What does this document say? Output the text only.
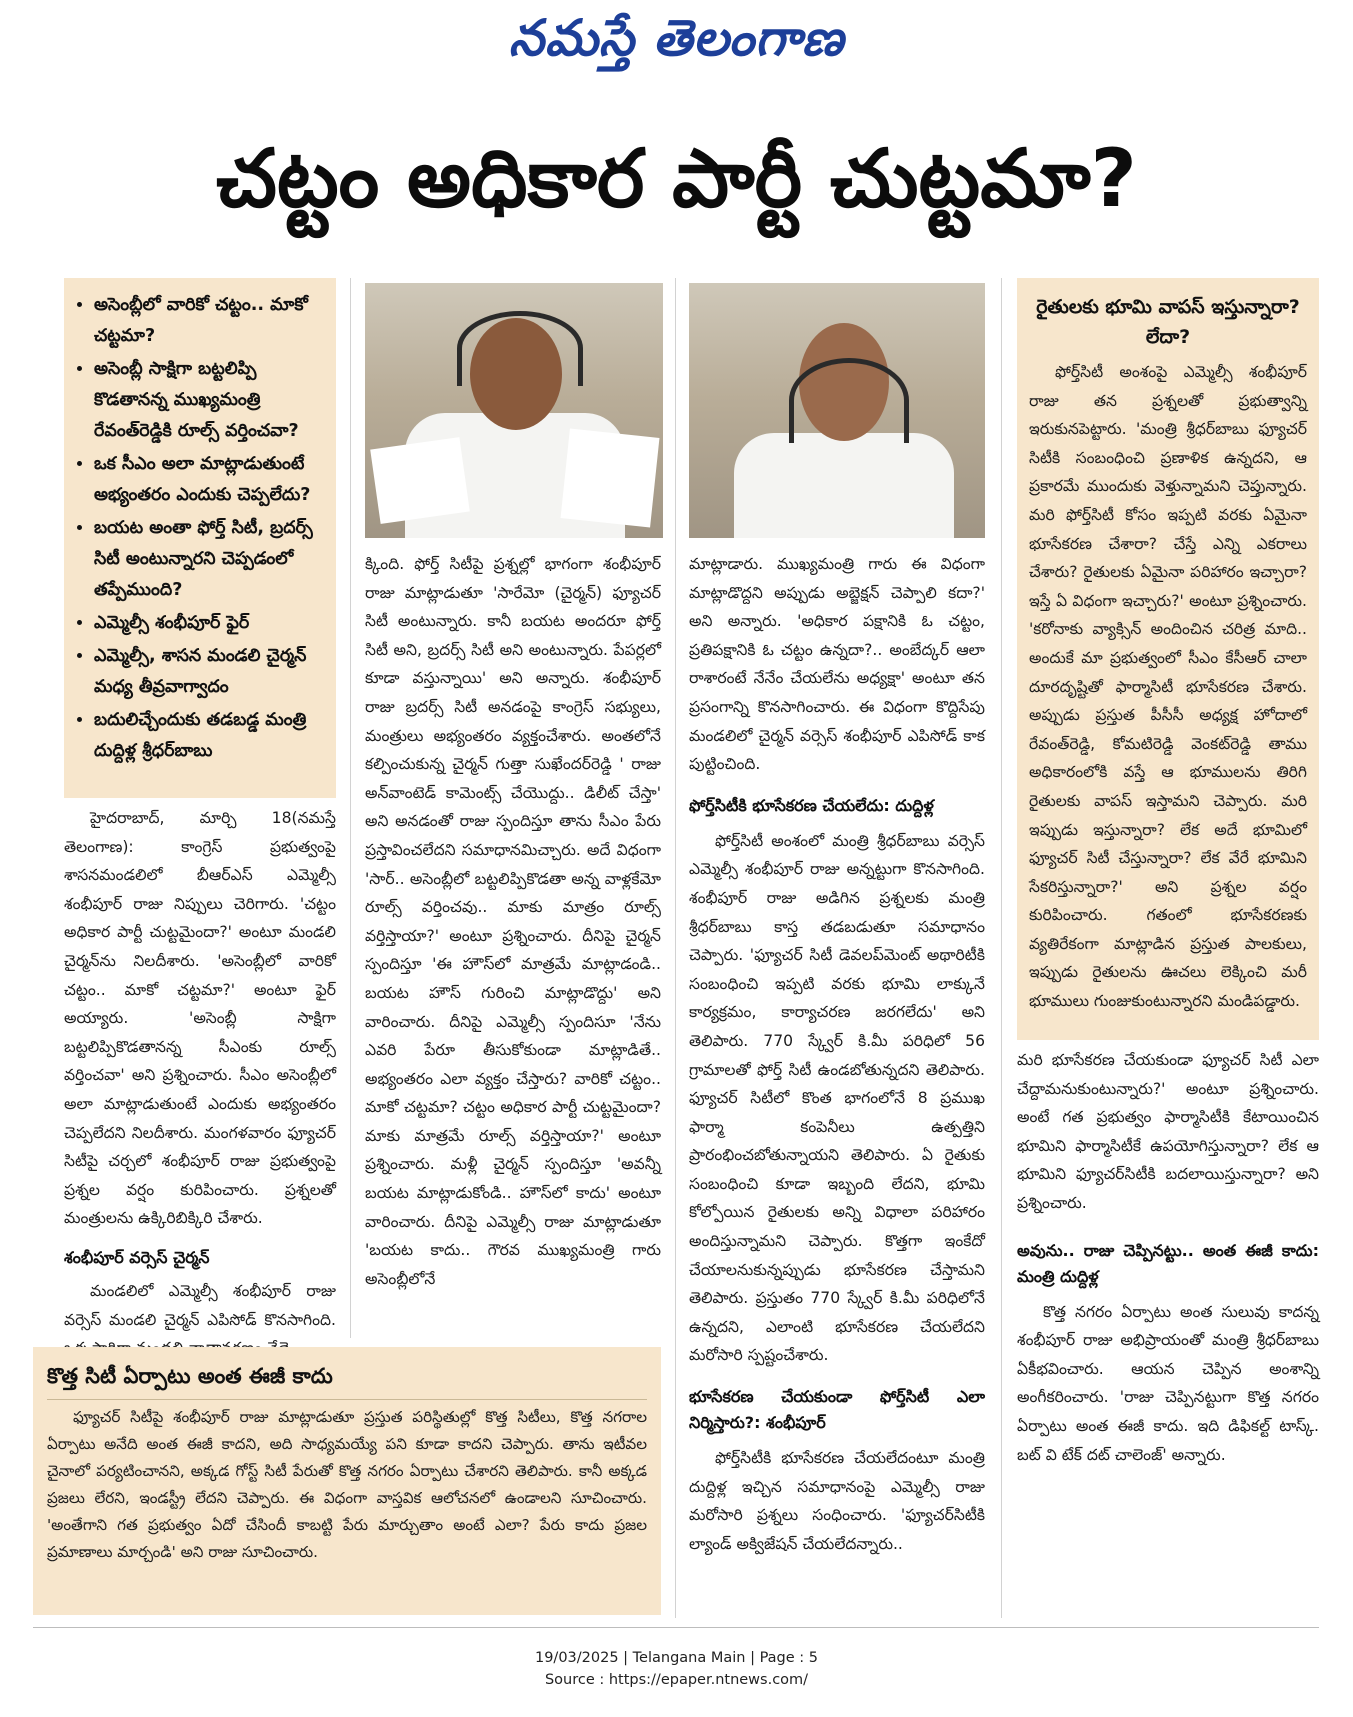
నమస్తే తెలంగాణ
చట్టం అధికార పార్టీ చుట్టమా?
• అసెంబ్లీలో వారికో చట్టం.. మాకో చట్టమా?
• అసెంబ్లీ సాక్షిగా బట్టలిప్పి కొడతానన్న ముఖ్యమంత్రి రేవంత్‌రెడ్డికి రూల్స్ వర్తించవా?
• ఒక సీఎం అలా మాట్లాడుతుంటే అభ్యంతరం ఎందుకు చెప్పలేదు?
• బయట అంతా ఫోర్త్ సిటీ, బ్రదర్స్ సిటీ అంటున్నారని చెప్పడంలో తప్పేముంది?
• ఎమ్మెల్సీ శంభీపూర్ ఫైర్
• ఎమ్మెల్సీ, శాసన మండలి చైర్మన్ మధ్య తీవ్రవాగ్వాదం
• బదులిచ్చేందుకు తడబడ్డ మంత్రి దుద్దిళ్ల శ్రీధర్‌బాబు

హైదరాబాద్, మార్చి 18(నమస్తే తెలంగాణ): కాంగ్రెస్ ప్రభుత్వంపై శాసనమండలిలో బీఆర్ఎస్ ఎమ్మెల్సీ శంభీపూర్ రాజు నిప్పులు చెరిగారు. 'చట్టం అధికార పార్టీ చుట్టమైందా?' అంటూ మండలి చైర్మన్‌ను నిలదీశారు. 'అసెంబ్లీలో వారికో చట్టం.. మాకో చట్టమా?' అంటూ ఫైర్ అయ్యారు. 'అసెంబ్లీ సాక్షిగా బట్టలిప్పికొడతానన్న సీఎంకు రూల్స్ వర్తించవా' అని ప్రశ్నించారు. సీఎం అసెంబ్లీలో అలా మాట్లాడుతుంటే ఎందుకు అభ్యంతరం చెప్పలేదని నిలదీశారు. మంగళవారం ఫ్యూచర్ సిటీపై చర్చలో శంభీపూర్ రాజు ప్రభుత్వంపై ప్రశ్నల వర్షం కురిపించారు. ప్రశ్నలతో మంత్రులను ఉక్కిరిబిక్కిరి చేశారు.

శంభీపూర్ వర్సెస్ చైర్మన్

మండలిలో ఎమ్మెల్సీ శంభీపూర్ రాజు వర్సెస్ మండలి చైర్మన్ ఎపిసోడ్ కొనసాగింది.

క్కింది. ఫోర్త్ సిటీపై ప్రశ్నల్లో భాగంగా శంభీపూర్ రాజు మాట్లాడుతూ 'సారేమో (చైర్మన్) ఫ్యూచర్ సిటీ అంటున్నారు. కానీ బయట అందరూ ఫోర్త్ సిటీ అని, బ్రదర్స్ సిటీ అని అంటున్నారు. పేపర్లలో కూడా వస్తున్నాయి' అని అన్నారు. శంభీపూర్ రాజు బ్రదర్స్ సిటీ అనడంపై కాంగ్రెస్ సభ్యులు, మంత్రులు అభ్యంతరం వ్యక్తంచేశారు. అంతలోనే కల్పించుకున్న చైర్మన్ గుత్తా సుఖేందర్‌రెడ్డి ' రాజు అన్‌వాంటెడ్ కామెంట్స్ చేయొద్దు.. డిలీట్ చేస్తా' అని అనడంతో రాజు స్పందిస్తూ తాను సీఎం పేరు ప్రస్తావించలేదని సమాధానమిచ్చారు. అదే విధంగా 'సార్.. అసెంబ్లీలో బట్టలిప్పికొడతా అన్న వాళ్లకేమో రూల్స్ వర్తించవు.. మాకు మాత్రం రూల్స్ వర్తిస్తాయా?' అంటూ ప్రశ్నించారు. దీనిపై చైర్మన్ స్పందిస్తూ 'ఈ హౌస్‌లో మాత్రమే మాట్లాడండి.. బయట హౌస్ గురించి మాట్లాడొద్దు' అని వారించారు. దీనిపై ఎమ్మెల్సీ స్పందిసూ 'నేను ఎవరి పేరూ తీసుకోకుండా మాట్లాడితే.. అభ్యంతరం ఎలా వ్యక్తం చేస్తారు? వారికో చట్టం.. మాకో చట్టమా? చట్టం అధికార పార్టీ చుట్టమైందా? మాకు మాత్రమే రూల్స్ వర్తిస్తాయా?' అంటూ ప్రశ్నించారు. మళ్లీ చైర్మన్ స్పందిస్తూ 'అవన్నీ బయట మాట్లాడుకోండి.. హౌస్‌లో కాదు' అంటూ వారించారు. దీనిపై ఎమ్మెల్సీ రాజు మాట్లాడుతూ 'బయట కాదు.. గౌరవ ముఖ్యమంత్రి గారు అసెంబ్లీలోనే

మాట్లాడారు. ముఖ్యమంత్రి గారు ఈ విధంగా మాట్లాడొద్దని అప్పుడు అబ్జెక్షన్ చెప్పాలి కదా?' అని అన్నారు. 'అధికార పక్షానికి ఓ చట్టం, ప్రతిపక్షానికి ఓ చట్టం ఉన్నదా?.. అంబేద్కర్ ఆలా రాశారంటే నేనేం చేయలేను అధ్యక్షా' అంటూ తన ప్రసంగాన్ని కొనసాగించారు. ఈ విధంగా కొద్దిసేపు మండలిలో చైర్మన్ వర్సెస్ శంభీపూర్ ఎపిసోడ్ కాక పుట్టించింది.

ఫోర్త్‌సిటీకి భూసేకరణ చేయలేదు: దుద్దిళ్ల

ఫోర్త్‌సిటీ అంశంలో మంత్రి శ్రీధర్‌బాబు వర్సెస్ ఎమ్మెల్సీ శంభీపూర్ రాజు అన్నట్టుగా కొనసాగింది. శంభీపూర్ రాజు అడిగిన ప్రశ్నలకు మంత్రి శ్రీధర్‌బాబు కాస్త తడబడుతూ సమాధానం చెప్పారు. 'ఫ్యూచర్ సిటీ డెవలప్‌మెంట్ అథారిటీకి సంబంధించి ఇప్పటి వరకు భూమి లాక్కునే కార్యక్రమం, కార్యాచరణ జరగలేదు' అని తెలిపారు. 770 స్క్వేర్ కి.మీ పరిధిలో 56 గ్రామాలతో ఫోర్త్ సిటీ ఉండబోతున్నదని తెలిపారు. ఫ్యూచర్ సిటీలో కొంత భాగంలోనే 8 ప్రముఖ ఫార్మా కంపెనీలు ఉత్పత్తిని ప్రారంభించబోతున్నాయని తెలిపారు. ఏ రైతుకు సంబంధించి కూడా ఇబ్బంది లేదని, భూమి కోల్పోయిన రైతులకు అన్ని విధాలా పరిహారం అందిస్తున్నామని చెప్పారు. కొత్తగా ఇంకేదో చేయాలనుకున్నప్పుడు భూసేకరణ చేస్తామని తెలిపారు. ప్రస్తుతం 770 స్క్వేర్ కి.మీ పరిధిలోనే ఉన్నదని, ఎలాంటి భూసేకరణ చేయలేదని మరోసారి స్పష్టంచేశారు.

భూసేకరణ చేయకుండా ఫోర్త్‌సిటీ ఎలా నిర్మిస్తారు?: శంభీపూర్

ఫోర్త్‌సిటీకి భూసేకరణ చేయలేదంటూ మంత్రి దుద్దిళ్ల ఇచ్చిన సమాధానంపై ఎమ్మెల్సీ రాజు మరోసారి ప్రశ్నలు సంధించారు. 'ఫ్యూచర్‌సిటీకి ల్యాండ్ అక్విజేషన్ చేయలేదన్నారు..

రైతులకు భూమి వాపస్ ఇస్తున్నారా? లేదా?

ఫోర్త్‌సిటీ అంశంపై ఎమ్మెల్సీ శంభీపూర్ రాజు తన ప్రశ్నలతో ప్రభుత్వాన్ని ఇరుకునపెట్టారు. 'మంత్రి శ్రీధర్‌బాబు ఫ్యూచర్ సిటీకి సంబంధించి ప్రణాళిక ఉన్నదని, ఆ ప్రకారమే ముందుకు వెళ్తున్నామని చెప్తున్నారు. మరి ఫోర్త్‌సిటీ కోసం ఇప్పటి వరకు ఏమైనా భూసేకరణ చేశారా? చేస్తే ఎన్ని ఎకరాలు చేశారు? రైతులకు ఏమైనా పరిహారం ఇచ్చారా? ఇస్తే ఏ విధంగా ఇచ్చారు?' అంటూ ప్రశ్నించారు. 'కరోనాకు వ్యాక్సిన్ అందించిన చరిత్ర మాది.. అందుకే మా ప్రభుత్వంలో సీఎం కేసీఆర్ చాలా దూరదృష్టితో ఫార్మాసిటీ భూసేకరణ చేశారు. అప్పుడు ప్రస్తుత పీసీసీ అధ్యక్ష హోదాలో రేవంత్‌రెడ్డి, కోమటిరెడ్డి వెంకట్‌రెడ్డి తాము అధికారంలోకి వస్తే ఆ భూములను తిరిగి రైతులకు వాపస్ ఇస్తామని చెప్పారు. మరి ఇప్పుడు ఇస్తున్నారా? లేక అదే భూమిలో ఫ్యూచర్ సిటీ చేస్తున్నారా? లేక వేరే భూమిని సేకరిస్తున్నారా?' అని ప్రశ్నల వర్షం కురిపించారు. గతంలో భూసేకరణకు వ్యతిరేకంగా మాట్లాడిన ప్రస్తుత పాలకులు, ఇప్పుడు రైతులను ఊచలు లెక్కించి మరీ భూములు గుంజుకుంటున్నారని మండిపడ్డారు.

మరి భూసేకరణ చేయకుండా ఫ్యూచర్ సిటీ ఎలా చేద్దామనుకుంటున్నారు?' అంటూ ప్రశ్నించారు. అంటే గత ప్రభుత్వం ఫార్మాసిటీకి కేటాయించిన భూమిని ఫార్మాసిటీకే ఉపయోగిస్తున్నారా? లేక ఆ భూమిని ఫ్యూచర్‌సిటీకి బదలాయిస్తున్నారా? అని ప్రశ్నించారు.

అవును.. రాజు చెప్పినట్టు.. అంత ఈజీ కాదు: మంత్రి దుద్దిళ్ల

కొత్త నగరం ఏర్పాటు అంత సులువు కాదన్న శంభీపూర్ రాజు అభిప్రాయంతో మంత్రి శ్రీధర్‌బాబు ఏకీభవించారు. ఆయన చెప్పిన అంశాన్ని అంగీకరించారు. 'రాజు చెప్పినట్టుగా కొత్త నగరం ఏర్పాటు అంత ఈజీ కాదు. ఇది డిఫికల్ట్ టాస్క్. బట్ వి టేక్ దట్ చాలెంజ్' అన్నారు.

కొత్త సిటీ ఏర్పాటు అంత ఈజీ కాదు

ఫ్యూచర్ సిటీపై శంభీపూర్ రాజు మాట్లాడుతూ ప్రస్తుత పరిస్థితుల్లో కొత్త సిటీలు, కొత్త నగరాల ఏర్పాటు అనేది అంత ఈజీ కాదని, అది సాధ్యమయ్యే పని కూడా కాదని చెప్పారు. తాను ఇటీవల చైనాలో పర్యటించానని, అక్కడ గోస్ట్ సిటీ పేరుతో కొత్త నగరం ఏర్పాటు చేశారని తెలిపారు. కానీ అక్కడ ప్రజలు లేరని, ఇండస్ట్రీ లేదని చెప్పారు. ఈ విధంగా వాస్తవిక ఆలోచనలో ఉండాలని సూచించారు. 'అంతేగాని గత ప్రభుత్వం ఏదో చేసిందీ కాబట్టి పేరు మార్చుతాం అంటే ఎలా? పేరు కాదు ప్రజల ప్రమాణాలు మార్చండి' అని రాజు సూచించారు.

19/03/2025 | Telangana Main | Page : 5
Source : https://epaper.ntnews.com/
